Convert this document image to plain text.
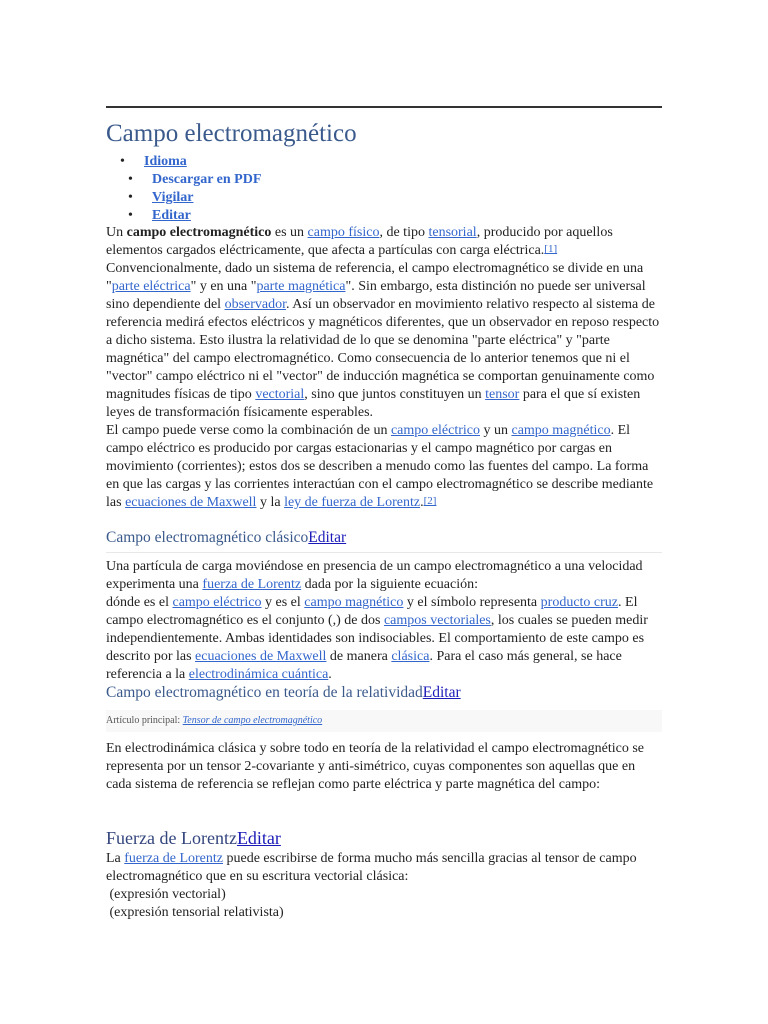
Campo electromagnético
• Idioma
• Descargar en PDF
• Vigilar
• Editar

Un campo electromagnético es un campo físico, de tipo tensorial, producido por aquellos elementos cargados eléctricamente, que afecta a partículas con carga eléctrica.[1]

Convencionalmente, dado un sistema de referencia, el campo electromagnético se divide en una "parte eléctrica" y en una "parte magnética". Sin embargo, esta distinción no puede ser universal sino dependiente del observador. Así un observador en movimiento relativo respecto al sistema de referencia medirá efectos eléctricos y magnéticos diferentes, que un observador en reposo respecto a dicho sistema. Esto ilustra la relatividad de lo que se denomina "parte eléctrica" y "parte magnética" del campo electromagnético. Como consecuencia de lo anterior tenemos que ni el "vector" campo eléctrico ni el "vector" de inducción magnética se comportan genuinamente como magnitudes físicas de tipo vectorial, sino que juntos constituyen un tensor para el que sí existen leyes de transformación físicamente esperables.

El campo puede verse como la combinación de un campo eléctrico y un campo magnético. El campo eléctrico es producido por cargas estacionarias y el campo magnético por cargas en movimiento (corrientes); estos dos se describen a menudo como las fuentes del campo. La forma en que las cargas y las corrientes interactúan con el campo electromagnético se describe mediante las ecuaciones de Maxwell y la ley de fuerza de Lorentz.[2]

Campo electromagnético clásicoEditar

Una partícula de carga moviéndose en presencia de un campo electromagnético a una velocidad experimenta una fuerza de Lorentz dada por la siguiente ecuación:

dónde es el campo eléctrico y es el campo magnético y el símbolo representa producto cruz. El campo electromagnético es el conjunto (,) de dos campos vectoriales, los cuales se pueden medir independientemente. Ambas identidades son indisociables. El comportamiento de este campo es descrito por las ecuaciones de Maxwell de manera clásica. Para el caso más general, se hace referencia a la electrodinámica cuántica.

Campo electromagnético en teoría de la relatividadEditar
Artículo principal: Tensor de campo electromagnético

En electrodinámica clásica y sobre todo en teoría de la relatividad el campo electromagnético se representa por un tensor 2-covariante y anti-simétrico, cuyas componentes son aquellas que en cada sistema de referencia se reflejan como parte eléctrica y parte magnética del campo:

Fuerza de LorentzEditar

La fuerza de Lorentz puede escribirse de forma mucho más sencilla gracias al tensor de campo electromagnético que en su escritura vectorial clásica:

(expresión vectorial)

(expresión tensorial relativista)
